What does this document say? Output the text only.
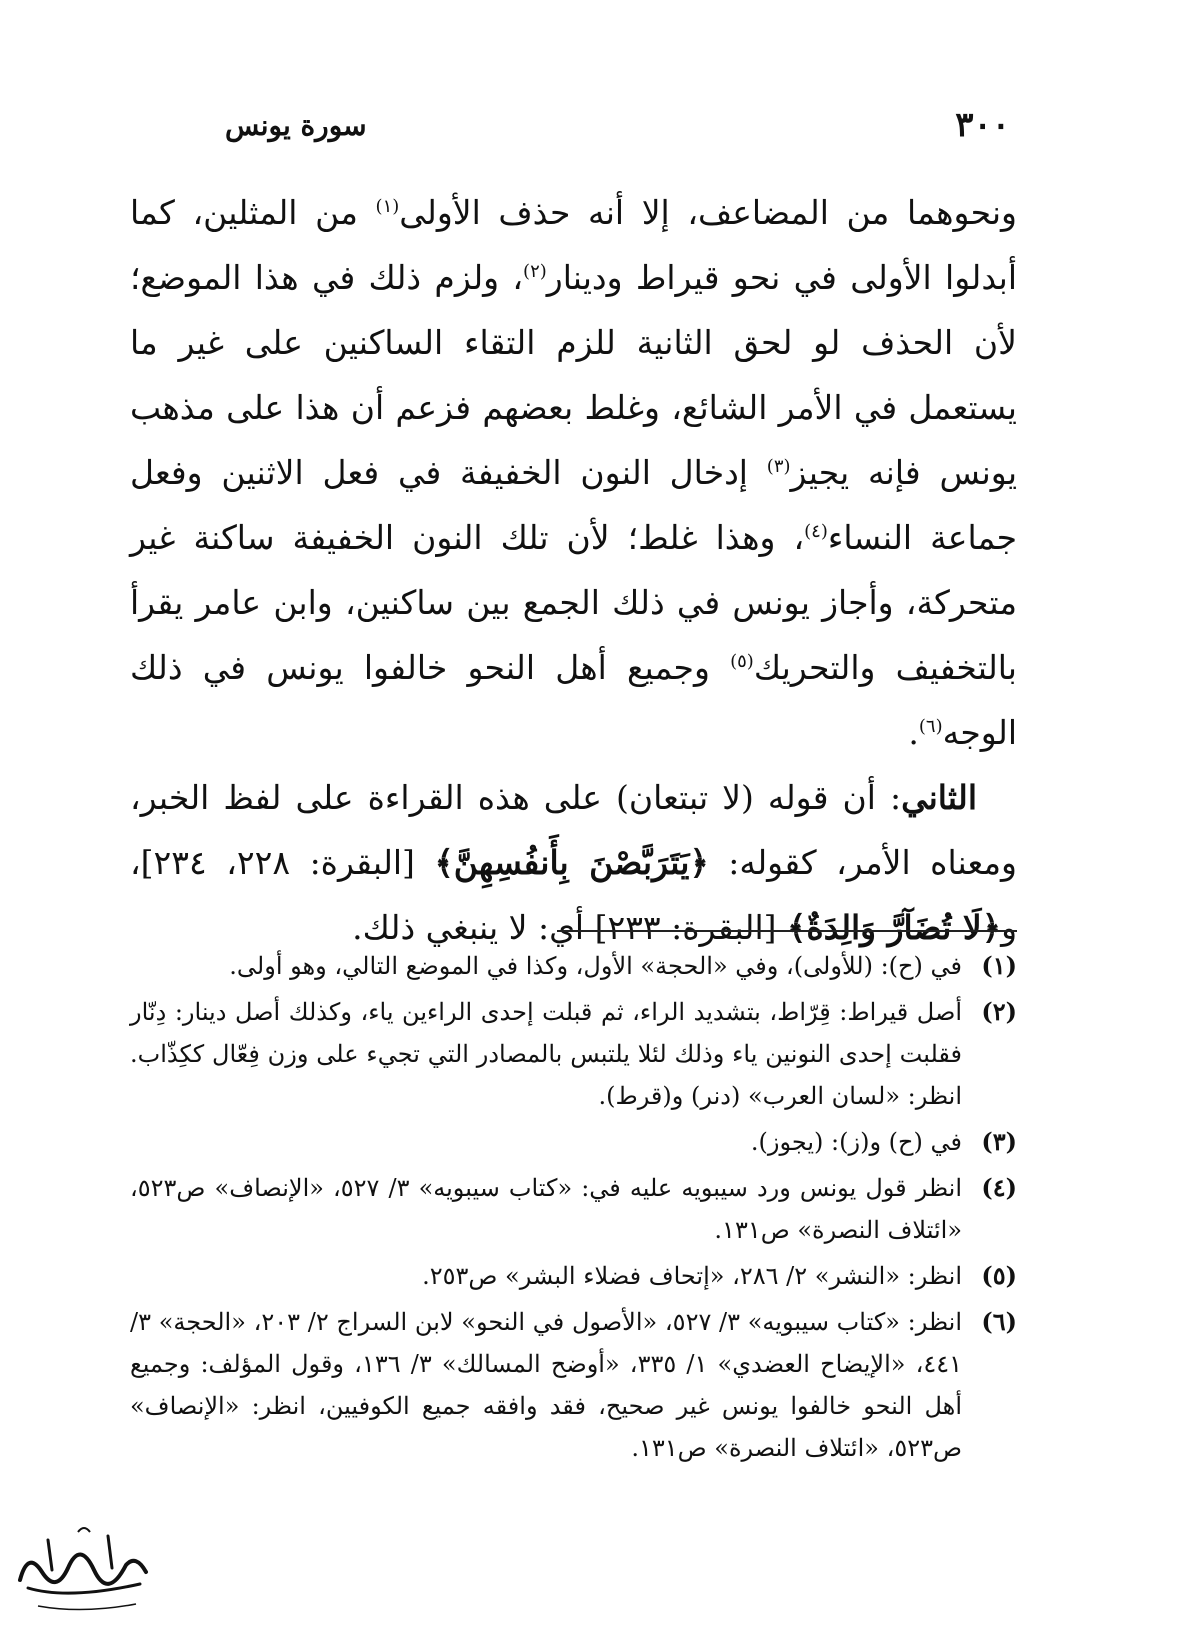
٣٠٠
سورة يونس

ونحوهما من المضاعف، إلا أنه حذف الأولى$^{(١)}$ من المثلين، كما أبدلوا الأولى في نحو قيراط ودينار$^{(٢)}$، ولزم ذلك في هذا الموضع؛ لأن الحذف لو لحق الثانية للزم التقاء الساكنين على غير ما يستعمل في الأمر الشائع، وغلط بعضهم فزعم أن هذا على مذهب يونس فإنه يجيز$^{(٣)}$ إدخال النون الخفيفة في فعل الاثنين وفعل جماعة النساء$^{(٤)}$، وهذا غلط؛ لأن تلك النون الخفيفة ساكنة غير متحركة، وأجاز يونس في ذلك الجمع بين ساكنين، وابن عامر يقرأ بالتخفيف والتحريك$^{(٥)}$ وجميع أهل النحو خالفوا يونس في ذلك الوجه$^{(٦)}$.

الثاني: أن قوله (لا تبتعان) على هذه القراءة على لفظ الخبر، ومعناه الأمر، كقوله: ﴿يَتَرَبَّصْنَ بِأَنفُسِهِنَّ﴾ [البقرة: ٢٢٨، ٢٣٤]، و﴿لَا تُضَآرَّ وَالِدَةٌ﴾ [البقرة: ٢٣٣] أي: لا ينبغي ذلك.

(١)
في (ح): (للأولى)، وفي «الحجة» الأول، وكذا في الموضع التالي، وهو أولى.
(٢)
أصل قيراط: قِرّاط، بتشديد الراء، ثم قبلت إحدى الراءين ياء، وكذلك أصل دينار: دِنّار فقلبت إحدى النونين ياء وذلك لئلا يلتبس بالمصادر التي تجيء على وزن فِعّال ككِذّاب. انظر: «لسان العرب» (دنر) و(قرط).
(٣)
في (ح) و(ز): (يجوز).
(٤)
انظر قول يونس ورد سيبويه عليه في: «كتاب سيبويه» ٣/ ٥٢٧، «الإنصاف» ص٥٢٣، «ائتلاف النصرة» ص١٣١.
(٥)
انظر: «النشر» ٢/ ٢٨٦، «إتحاف فضلاء البشر» ص٢٥٣.
(٦)
انظر: «كتاب سيبويه» ٣/ ٥٢٧، «الأصول في النحو» لابن السراج ٢/ ٢٠٣، «الحجة» ٣/ ٤٤١، «الإيضاح العضدي» ١/ ٣٣٥، «أوضح المسالك» ٣/ ١٣٦، وقول المؤلف: وجميع أهل النحو خالفوا يونس غير صحيح، فقد وافقه جميع الكوفيين، انظر: «الإنصاف» ص٥٢٣، «ائتلاف النصرة» ص١٣١.
